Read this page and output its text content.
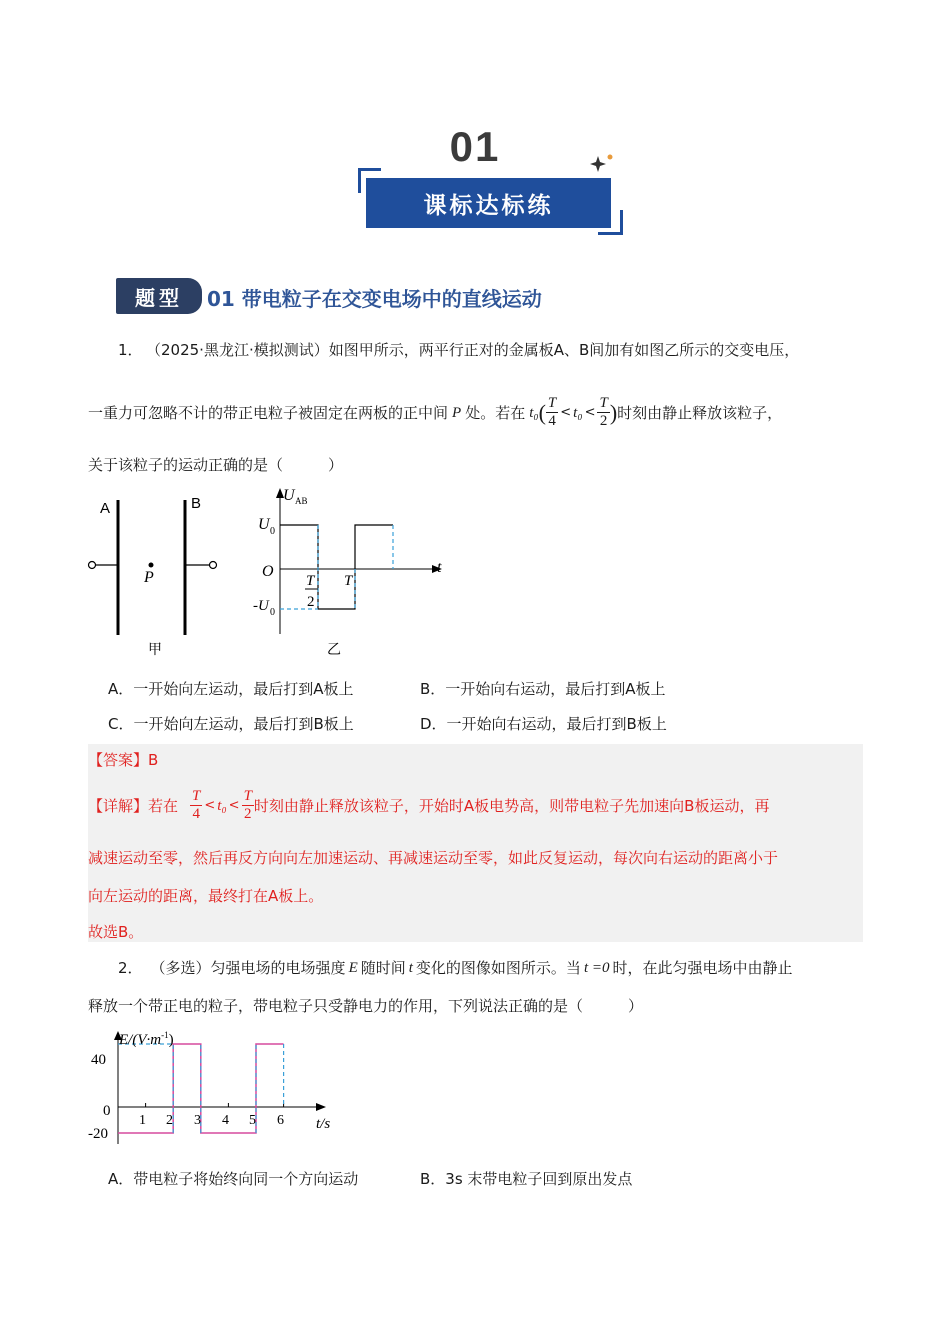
01
课标达标练
题型	01 带电粒子在交变电场中的直线运动
1． （2025·黑龙江·模拟测试）如图甲所示，两平行正对的金属板A、B间加有如图乙所示的交变电压，
一重力可忽略不计的带正电粒子被固定在两板的正中间 P 处。若在 t₀ ( $\frac{T}{4} < t_0 < \frac{T}{2}$ ) 时刻由静止释放该粒子，
关于该粒子的运动正确的是（　　　）
A	B
P
甲
U AB
U 0
O
-U 0
t
T
2
T
乙
A．一开始向左运动，最后打到A板上	B．一开始向右运动，最后打到A板上
C．一开始向左运动，最后打到B板上	D．一开始向右运动，最后打到B板上
【答案】B
【详解】 若在 $\frac{T}{4} < t_0 < \frac{T}{2}$ 时刻由静止释放该粒子，开始时A板电势高，则带电粒子先加速向B板运动，再
减速运动至零，然后再反方向向左加速运动、再减速运动至零，如此反复运动，每次向右运动的距离小于
向左运动的距离，最终打在A板上。
故选B。
2． （多选）匀强电场的电场强度 E 随时间 t 变化的图像如图所示。当 t =0 时，在此匀强电场中由静止
释放一个带正电的粒子，带电粒子只受静电力的作用，下列说法正确的是（　　　）
$E/(V\cdot m^{-1})$
40
0
-20
1 2 3 4 5 6 t/s
A．带电粒子将始终向同一个方向运动	B．3s 末带电粒子回到原出发点
